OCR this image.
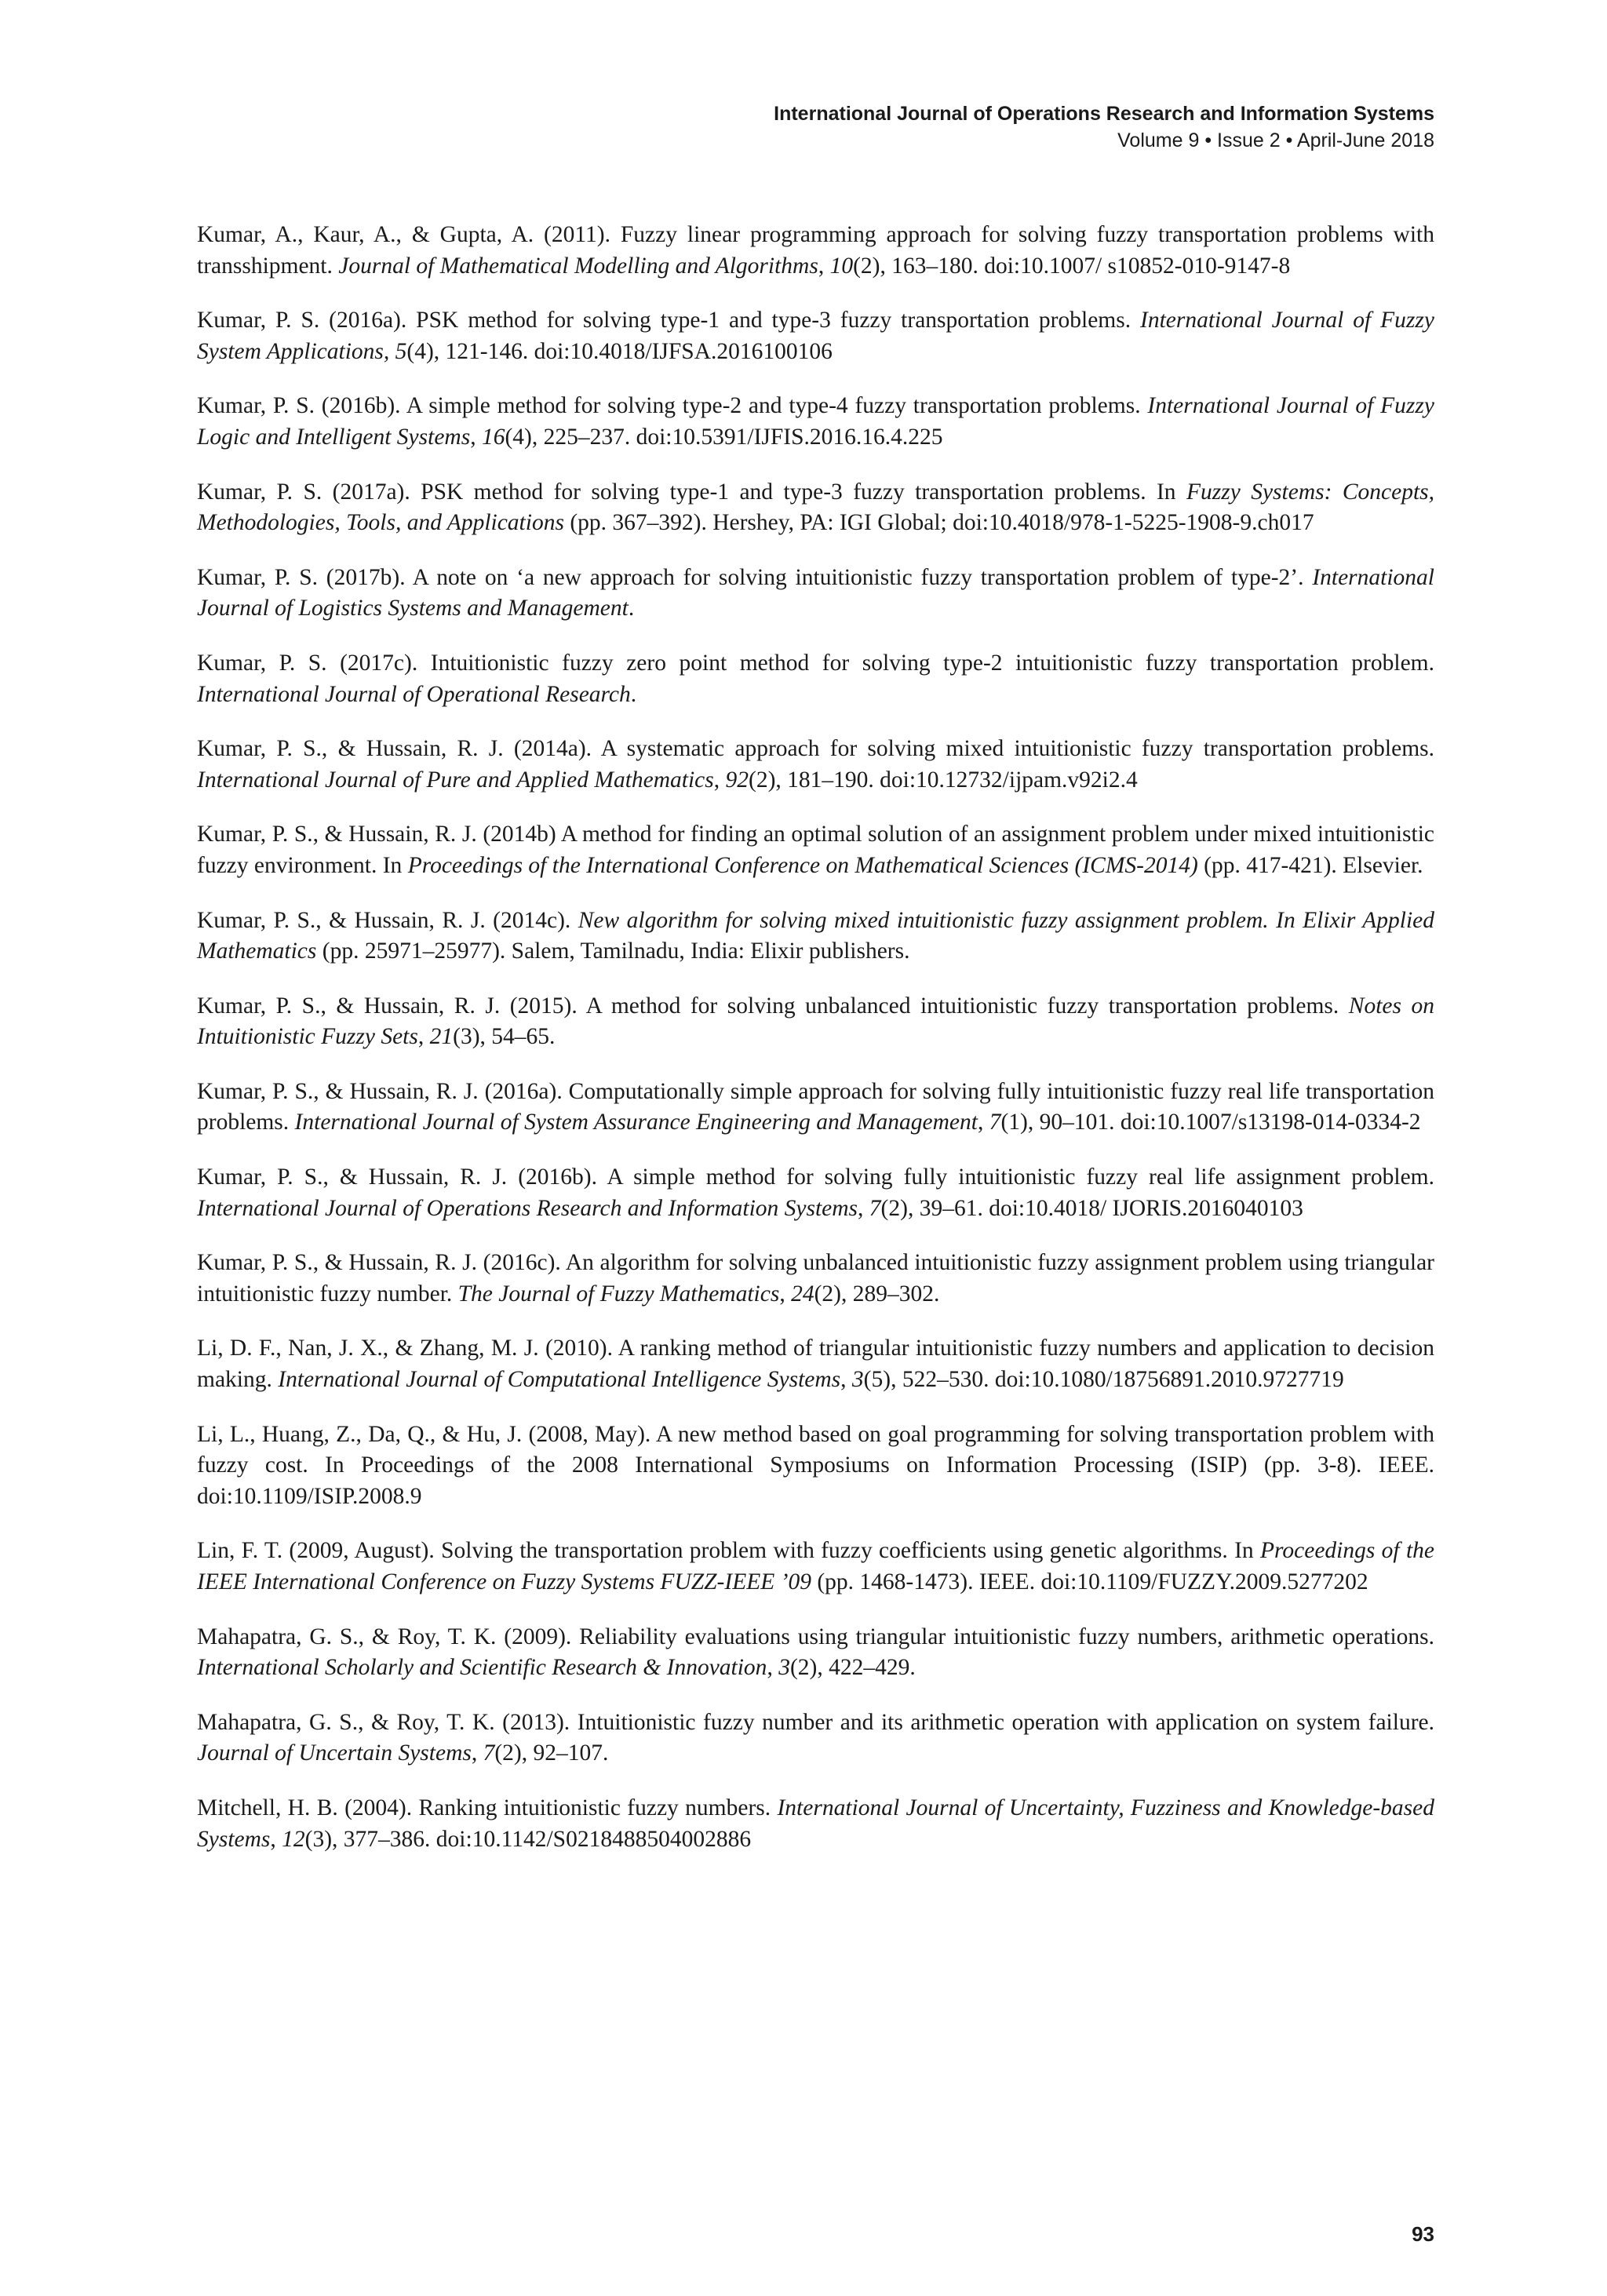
International Journal of Operations Research and Information Systems
Volume 9 • Issue 2 • April-June 2018

Kumar, A., Kaur, A., & Gupta, A. (2011). Fuzzy linear programming approach for solving fuzzy transportation problems with transshipment. Journal of Mathematical Modelling and Algorithms, 10(2), 163–180. doi:10.1007/ s10852-010-9147-8

Kumar, P. S. (2016a). PSK method for solving type-1 and type-3 fuzzy transportation problems. International Journal of Fuzzy System Applications, 5(4), 121-146. doi:10.4018/IJFSA.2016100106

Kumar, P. S. (2016b). A simple method for solving type-2 and type-4 fuzzy transportation problems. International Journal of Fuzzy Logic and Intelligent Systems, 16(4), 225–237. doi:10.5391/IJFIS.2016.16.4.225

Kumar, P. S. (2017a). PSK method for solving type-1 and type-3 fuzzy transportation problems. In Fuzzy Systems: Concepts, Methodologies, Tools, and Applications (pp. 367–392). Hershey, PA: IGI Global; doi:10.4018/978-1-5225-1908-9.ch017

Kumar, P. S. (2017b). A note on ‘a new approach for solving intuitionistic fuzzy transportation problem of type-2’. International Journal of Logistics Systems and Management.

Kumar, P. S. (2017c). Intuitionistic fuzzy zero point method for solving type-2 intuitionistic fuzzy transportation problem. International Journal of Operational Research.

Kumar, P. S., & Hussain, R. J. (2014a). A systematic approach for solving mixed intuitionistic fuzzy transportation problems. International Journal of Pure and Applied Mathematics, 92(2), 181–190. doi:10.12732/ijpam.v92i2.4

Kumar, P. S., & Hussain, R. J. (2014b) A method for finding an optimal solution of an assignment problem under mixed intuitionistic fuzzy environment. In Proceedings of the International Conference on Mathematical Sciences (ICMS-2014) (pp. 417-421). Elsevier.

Kumar, P. S., & Hussain, R. J. (2014c). New algorithm for solving mixed intuitionistic fuzzy assignment problem. In Elixir Applied Mathematics (pp. 25971–25977). Salem, Tamilnadu, India: Elixir publishers.

Kumar, P. S., & Hussain, R. J. (2015). A method for solving unbalanced intuitionistic fuzzy transportation problems. Notes on Intuitionistic Fuzzy Sets, 21(3), 54–65.

Kumar, P. S., & Hussain, R. J. (2016a). Computationally simple approach for solving fully intuitionistic fuzzy real life transportation problems. International Journal of System Assurance Engineering and Management, 7(1), 90–101. doi:10.1007/s13198-014-0334-2

Kumar, P. S., & Hussain, R. J. (2016b). A simple method for solving fully intuitionistic fuzzy real life assignment problem. International Journal of Operations Research and Information Systems, 7(2), 39–61. doi:10.4018/ IJORIS.2016040103

Kumar, P. S., & Hussain, R. J. (2016c). An algorithm for solving unbalanced intuitionistic fuzzy assignment problem using triangular intuitionistic fuzzy number. The Journal of Fuzzy Mathematics, 24(2), 289–302.

Li, D. F., Nan, J. X., & Zhang, M. J. (2010). A ranking method of triangular intuitionistic fuzzy numbers and application to decision making. International Journal of Computational Intelligence Systems, 3(5), 522–530. doi:10.1080/18756891.2010.9727719

Li, L., Huang, Z., Da, Q., & Hu, J. (2008, May). A new method based on goal programming for solving transportation problem with fuzzy cost. In Proceedings of the 2008 International Symposiums on Information Processing (ISIP) (pp. 3-8). IEEE. doi:10.1109/ISIP.2008.9

Lin, F. T. (2009, August). Solving the transportation problem with fuzzy coefficients using genetic algorithms. In Proceedings of the IEEE International Conference on Fuzzy Systems FUZZ-IEEE ’09 (pp. 1468-1473). IEEE. doi:10.1109/FUZZY.2009.5277202

Mahapatra, G. S., & Roy, T. K. (2009). Reliability evaluations using triangular intuitionistic fuzzy numbers, arithmetic operations. International Scholarly and Scientific Research & Innovation, 3(2), 422–429.

Mahapatra, G. S., & Roy, T. K. (2013). Intuitionistic fuzzy number and its arithmetic operation with application on system failure. Journal of Uncertain Systems, 7(2), 92–107.

Mitchell, H. B. (2004). Ranking intuitionistic fuzzy numbers. International Journal of Uncertainty, Fuzziness and Knowledge-based Systems, 12(3), 377–386. doi:10.1142/S0218488504002886

93
